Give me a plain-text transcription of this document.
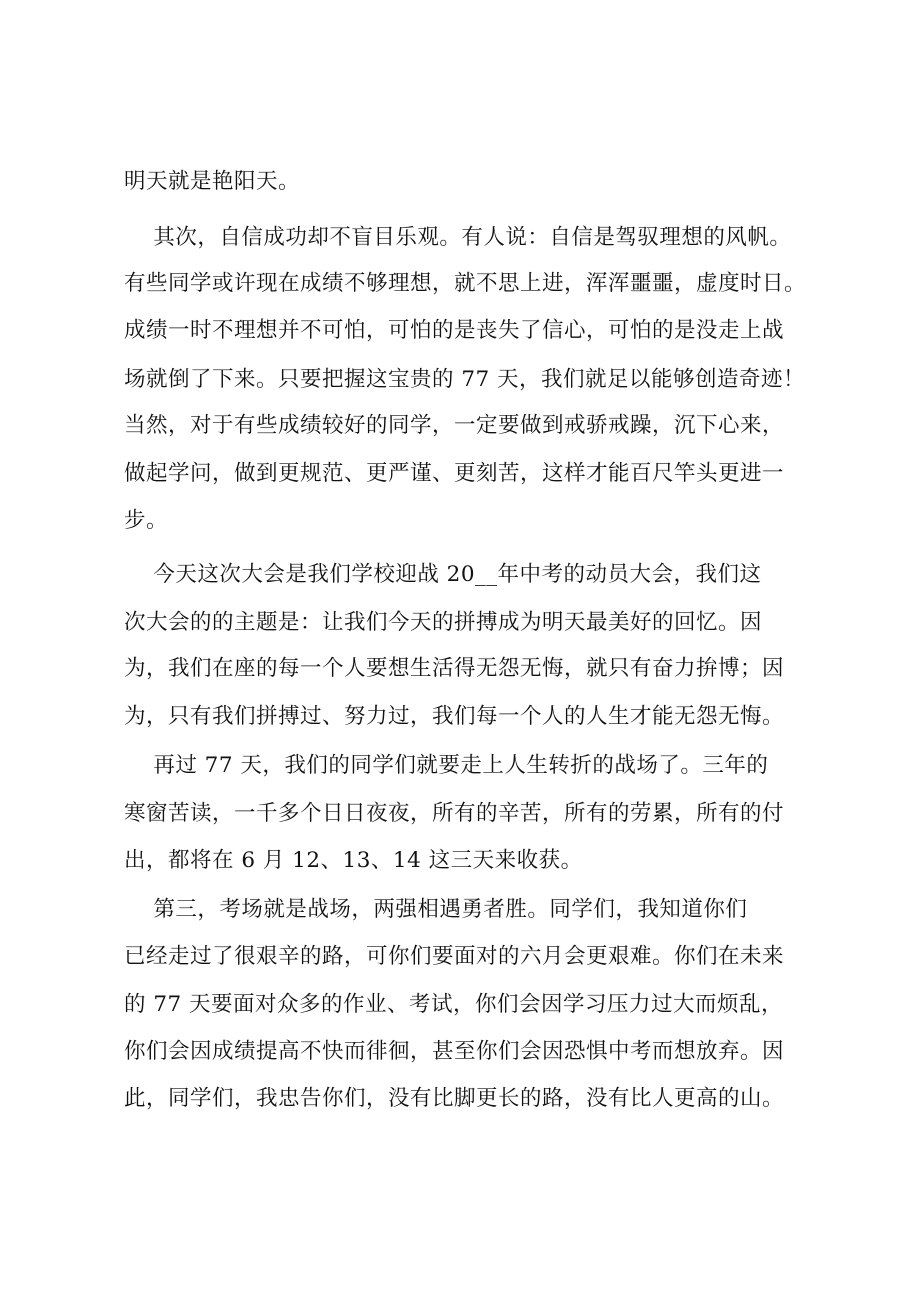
明天就是艳阳天。
其次，自信成功却不盲目乐观。有人说：自信是驾驭理想的风帆。
有些同学或许现在成绩不够理想，就不思上进，浑浑噩噩，虚度时日。
成绩一时不理想并不可怕，可怕的是丧失了信心，可怕的是没走上战
场就倒了下来。只要把握这宝贵的 77 天，我们就足以能够创造奇迹！
当然，对于有些成绩较好的同学，一定要做到戒骄戒躁，沉下心来，
做起学问，做到更规范、更严谨、更刻苦，这样才能百尺竿头更进一
步。
今天这次大会是我们学校迎战 20__年中考的动员大会，我们这
次大会的的主题是：让我们今天的拼搏成为明天最美好的回忆。因
为，我们在座的每一个人要想生活得无怨无悔，就只有奋力拚博；因
为，只有我们拼搏过、努力过，我们每一个人的人生才能无怨无悔。
再过 77 天，我们的同学们就要走上人生转折的战场了。三年的
寒窗苦读，一千多个日日夜夜，所有的辛苦，所有的劳累，所有的付
出，都将在 6 月 12、13、14 这三天来收获。
第三，考场就是战场，两强相遇勇者胜。同学们，我知道你们
已经走过了很艰辛的路，可你们要面对的六月会更艰难。你们在未来
的 77 天要面对众多的作业、考试，你们会因学习压力过大而烦乱，
你们会因成绩提高不快而徘徊，甚至你们会因恐惧中考而想放弃。因
此，同学们，我忠告你们，没有比脚更长的路，没有比人更高的山。
